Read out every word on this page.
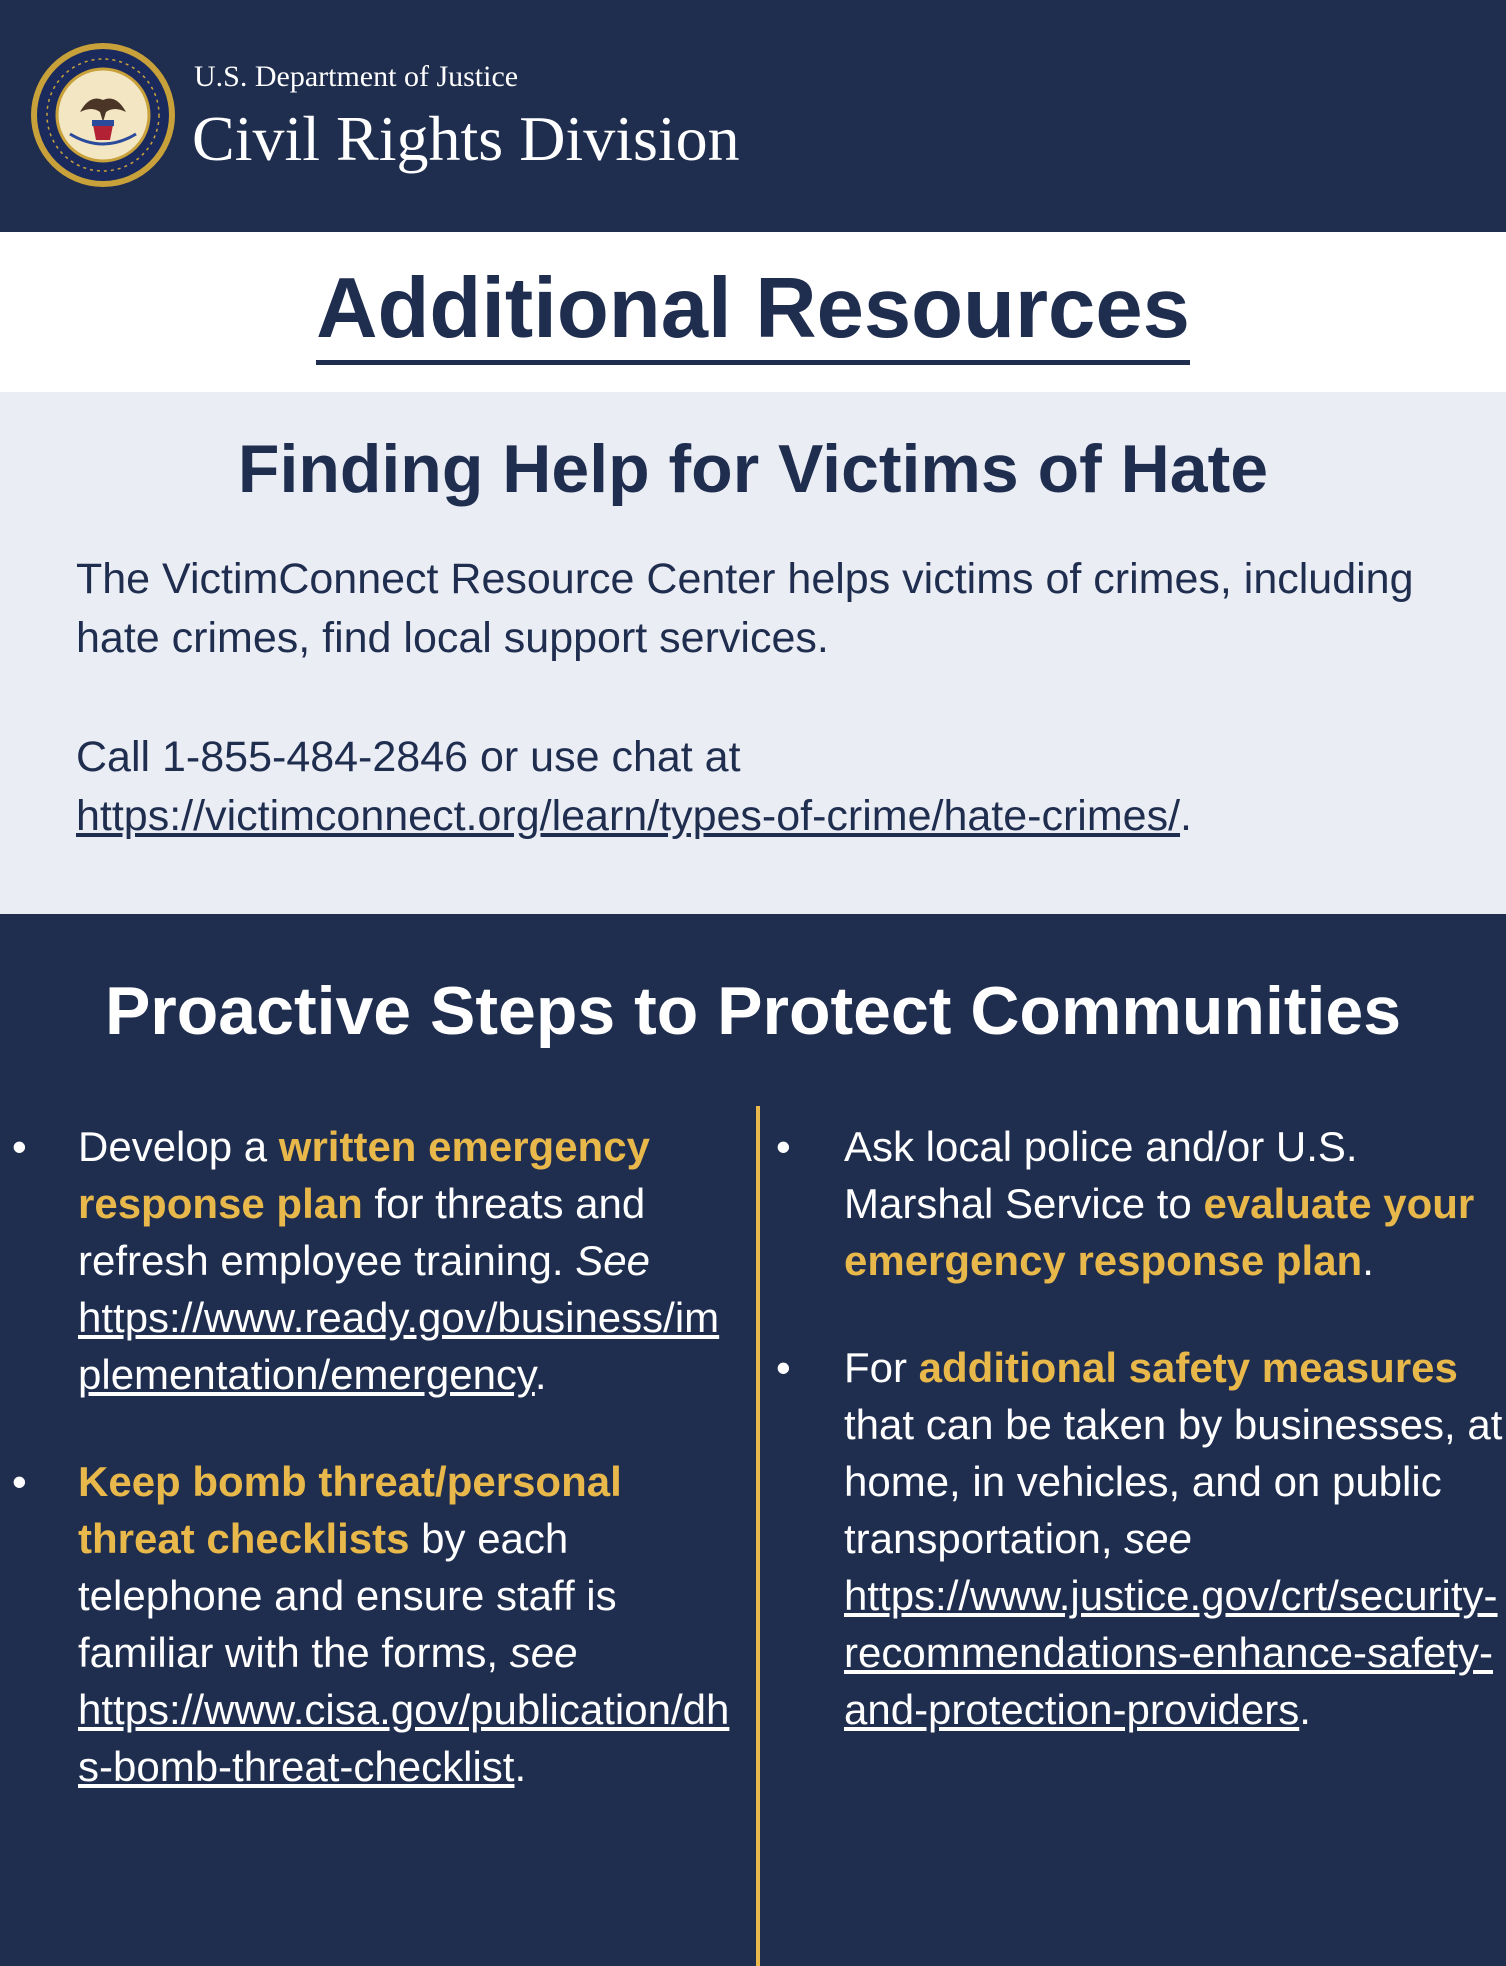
U.S. Department of Justice
Civil Rights Division
Additional Resources
Finding Help for Victims of Hate

The VictimConnect Resource Center helps victims of crimes, including hate crimes, find local support services.

Call 1-855-484-2846 or use chat at
https://victimconnect.org/learn/types-of-crime/hate-crimes/.

Proactive Steps to Protect Communities
• Develop a written emergency response plan for threats and refresh employee training. See
https://www.ready.gov/business/implementation/emergency.
• Keep bomb threat/personal threat checklists by each telephone and ensure staff is familiar with the forms, see
https://www.cisa.gov/publication/dhs-bomb-threat-checklist.
• Ask local police and/or U.S. Marshal Service to evaluate your emergency response plan.
• For additional safety measures that can be taken by businesses, at home, in vehicles, and on public transportation, see
https://www.justice.gov/crt/security-recommendations-enhance-safety-and-protection-providers.
